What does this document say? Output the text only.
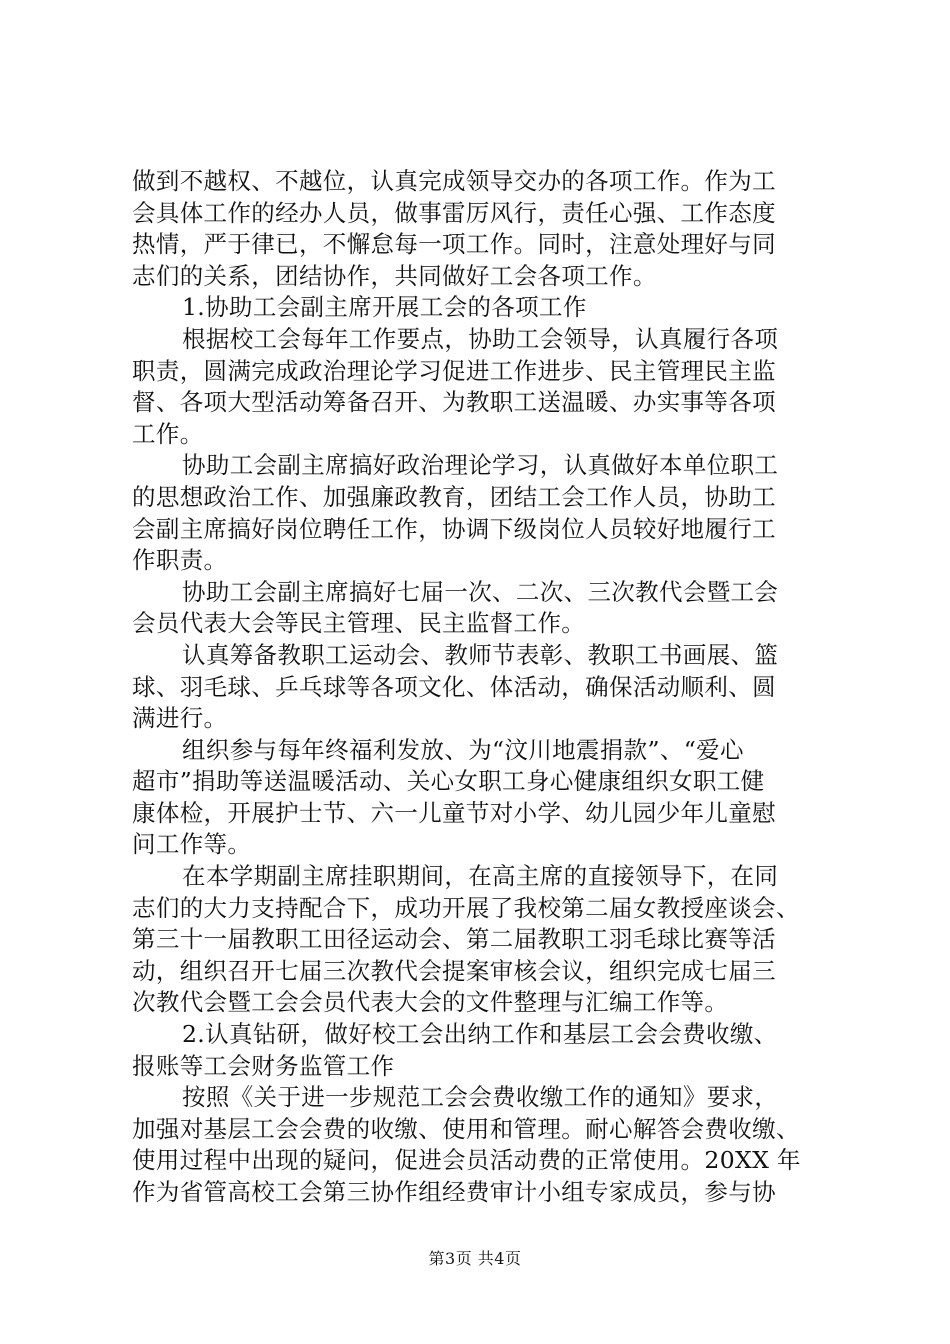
做到不越权、不越位，认真完成领导交办的各项工作。作为工
会具体工作的经办人员，做事雷厉风行，责任心强、工作态度
热情，严于律已，不懈怠每一项工作。同时，注意处理好与同
志们的关系，团结协作，共同做好工会各项工作。
1.协助工会副主席开展工会的各项工作
根据校工会每年工作要点，协助工会领导，认真履行各项
职责，圆满完成政治理论学习促进工作进步、民主管理民主监
督、各项大型活动筹备召开、为教职工送温暖、办实事等各项
工作。
协助工会副主席搞好政治理论学习，认真做好本单位职工
的思想政治工作、加强廉政教育，团结工会工作人员，协助工
会副主席搞好岗位聘任工作，协调下级岗位人员较好地履行工
作职责。
协助工会副主席搞好七届一次、二次、三次教代会暨工会
会员代表大会等民主管理、民主监督工作。
认真筹备教职工运动会、教师节表彰、教职工书画展、篮
球、羽毛球、乒乓球等各项文化、体活动，确保活动顺利、圆
满进行。
组织参与每年终福利发放、为“汶川地震捐款”、“爱心
超市”捐助等送温暖活动、关心女职工身心健康组织女职工健
康体检，开展护士节、六一儿童节对小学、幼儿园少年儿童慰
问工作等。
在本学期副主席挂职期间，在高主席的直接领导下，在同
志们的大力支持配合下，成功开展了我校第二届女教授座谈会、
第三十一届教职工田径运动会、第二届教职工羽毛球比赛等活
动，组织召开七届三次教代会提案审核会议，组织完成七届三
次教代会暨工会会员代表大会的文件整理与汇编工作等。
2.认真钻研，做好校工会出纳工作和基层工会会费收缴、
报账等工会财务监管工作
按照《关于进一步规范工会会费收缴工作的通知》要求，
加强对基层工会会费的收缴、使用和管理。耐心解答会费收缴、
使用过程中出现的疑问，促进会员活动费的正常使用。20XX 年
作为省管高校工会第三协作组经费审计小组专家成员，参与协
第3页 共4页
